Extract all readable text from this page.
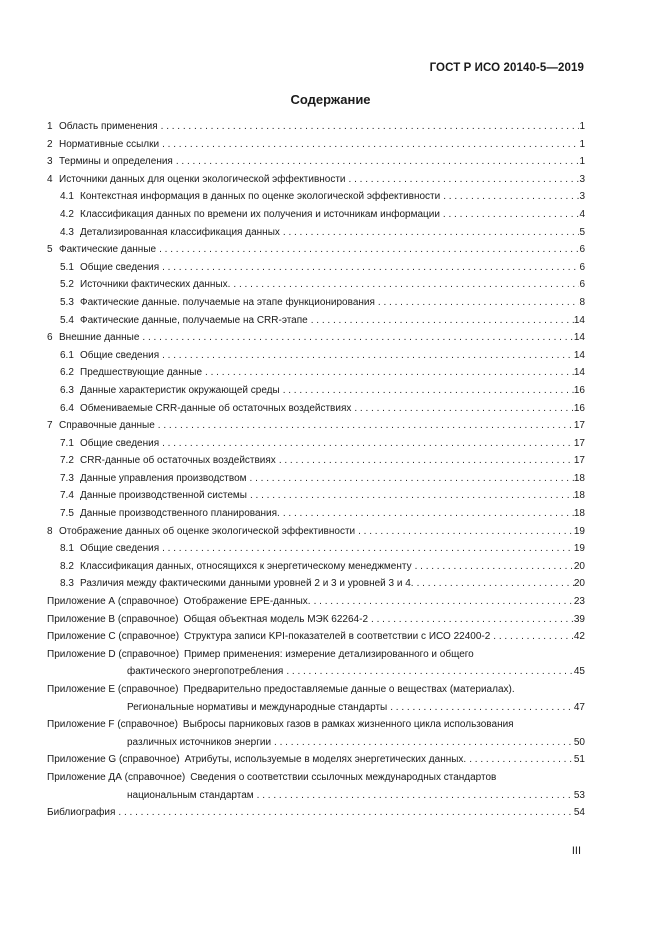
ГОСТ Р ИСО 20140-5—2019
Содержание
1 Область применения . . .	1
2 Нормативные ссылки . . .	1
3 Термины и определения . . .	1
4 Источники данных для оценки экологической эффективности . . .	3
4.1 Контекстная информация в данных по оценке экологической эффективности . . .	3
4.2 Классификация данных по времени их получения и источникам информации . . .	4
4.3 Детализированная классификация данных . . .	5
5 Фактические данные . . .	6
5.1 Общие сведения . . .	6
5.2 Источники фактических данных. . . .	6
5.3 Фактические данные. получаемые на этапе функционирования . . .	8
5.4 Фактические данные, получаемые на CRR-этапе . . .	14
6 Внешние данные . . .	14
6.1 Общие сведения . . .	14
6.2 Предшествующие данные . . .	14
6.3 Данные характеристик окружающей среды . . .	16
6.4 Обмениваемые CRR-данные об остаточных воздействиях . . .	16
7 Справочные данные . . .	17
7.1 Общие сведения . . .	17
7.2 CRR-данные об остаточных воздействиях . . .	17
7.3 Данные управления производством . . .	18
7.4 Данные производственной системы . . .	18
7.5 Данные производственного планирования. . . .	18
8 Отображение данных об оценке экологической эффективности . . .	19
8.1 Общие сведения . . .	19
8.2 Классификация данных, относящихся к энергетическому менеджменту . . .	20
8.3 Различия между фактическими данными уровней 2 и 3 и уровней 3 и 4. . . .	20
Приложение А (справочное) Отображение EPE-данных. . . .	23
Приложение В (справочное) Общая объектная модель МЭК 62264-2 . . .	39
Приложение С (справочное) Структура записи KPI-показателей в соответствии с ИСО 22400-2 . . .	42
Приложение D (справочное) Пример применения: измерение детализированного и общего
фактического энергопотребления . . .	45
Приложение Е (справочное) Предварительно предоставляемые данные о веществах (материалах).
Региональные нормативы и международные стандарты . . .	47
Приложение F (справочное) Выбросы парниковых газов в рамках жизненного цикла использования
различных источников энергии . . .	50
Приложение G (справочное) Атрибуты, используемые в моделях энергетических данных. . . .	51
Приложение ДА (справочное) Сведения о соответствии ссылочных международных стандартов
национальным стандартам . . .	53
Библиография . . .	54
III
